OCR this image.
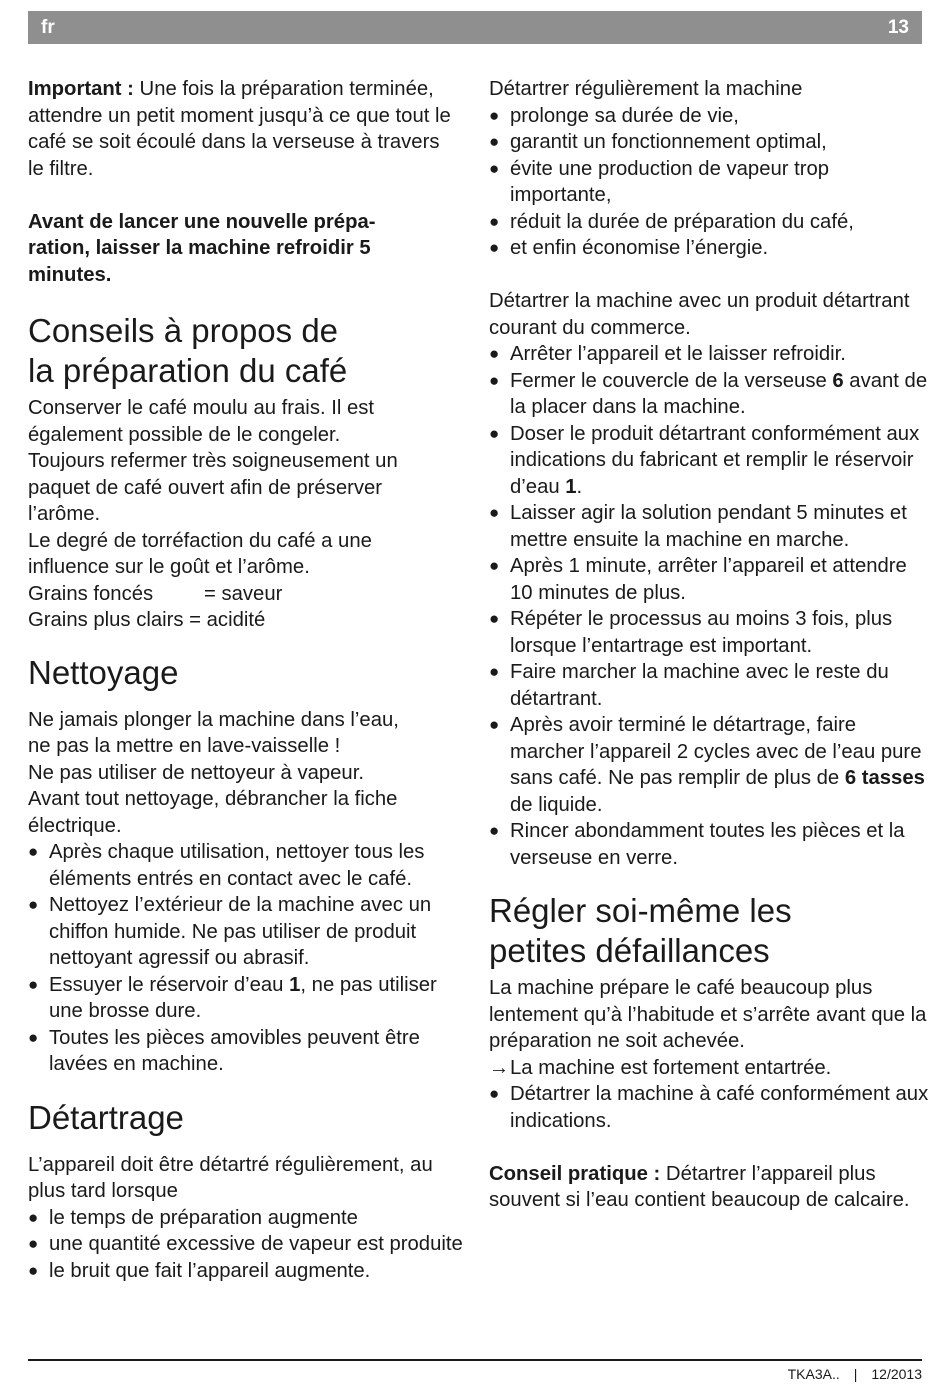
fr	13

Important : Une fois la préparation terminée, attendre un petit moment jusqu’à ce que tout le café se soit écoulé dans la verseuse à travers le filtre.

Avant de lancer une nouvelle préparation, laisser la machine refroidir 5 minutes.

Conseils à propos de
la préparation du café

Conserver le café moulu au frais. Il est

également possible de le congeler.

Toujours refermer très soigneusement un

paquet de café ouvert afin de préserver

l’arôme.

Le degré de torréfaction du café a une

influence sur le goût et l’arôme.

Grains foncés	= saveur

Grains plus clairs = acidité

Nettoyage

Ne jamais plonger la machine dans l’eau,

ne pas la mettre en lave-vaisselle !

Ne pas utiliser de nettoyeur à vapeur.

Avant tout nettoyage, débrancher la fiche

électrique.

● Après chaque utilisation, nettoyer tous les éléments entrés en contact avec le café.
● Nettoyez l’extérieur de la machine avec un chiffon humide. Ne pas utiliser de produit nettoyant agressif ou abrasif.
● Essuyer le réservoir d’eau 1, ne pas utiliser une brosse dure.
● Toutes les pièces amovibles peuvent être lavées en machine.
Détartrage

L’appareil doit être détartré régulièrement, au plus tard lorsque

● le temps de préparation augmente
● une quantité excessive de vapeur est produite
● le bruit que fait l’appareil augmente.

Détartrer régulièrement la machine

● prolonge sa durée de vie,
● garantit un fonctionnement optimal,
● évite une production de vapeur trop importante,
● réduit la durée de préparation du café,
● et enfin économise l’énergie.

Détartrer la machine avec un produit détartrant courant du commerce.

● Arrêter l’appareil et le laisser refroidir.
● Fermer le couvercle de la verseuse 6 avant de la placer dans la machine.
● Doser le produit détartrant conformément aux indications du fabricant et remplir le réservoir d’eau 1.
● Laisser agir la solution pendant 5 minutes et mettre ensuite la machine en marche.
● Après 1 minute, arrêter l’appareil et attendre 10 minutes de plus.
● Répéter le processus au moins 3 fois, plus lorsque l’entartrage est important.
● Faire marcher la machine avec le reste du détartrant.
● Après avoir terminé le détartrage, faire marcher l’appareil 2 cycles avec de l’eau pure sans café. Ne pas remplir de plus de 6 tasses de liquide.
● Rincer abondamment toutes les pièces et la verseuse en verre.
Régler soi-même les
petites défaillances

La machine prépare le café beaucoup plus lentement qu’à l’habitude et s’arrête avant que la préparation ne soit achevée.

→ La machine est fortement entartrée.
● Détartrer la machine à café conformément aux indications.

Conseil pratique : Détartrer l’appareil plus souvent si l’eau contient beaucoup de calcaire.

TKA3A.. | 12/2013
